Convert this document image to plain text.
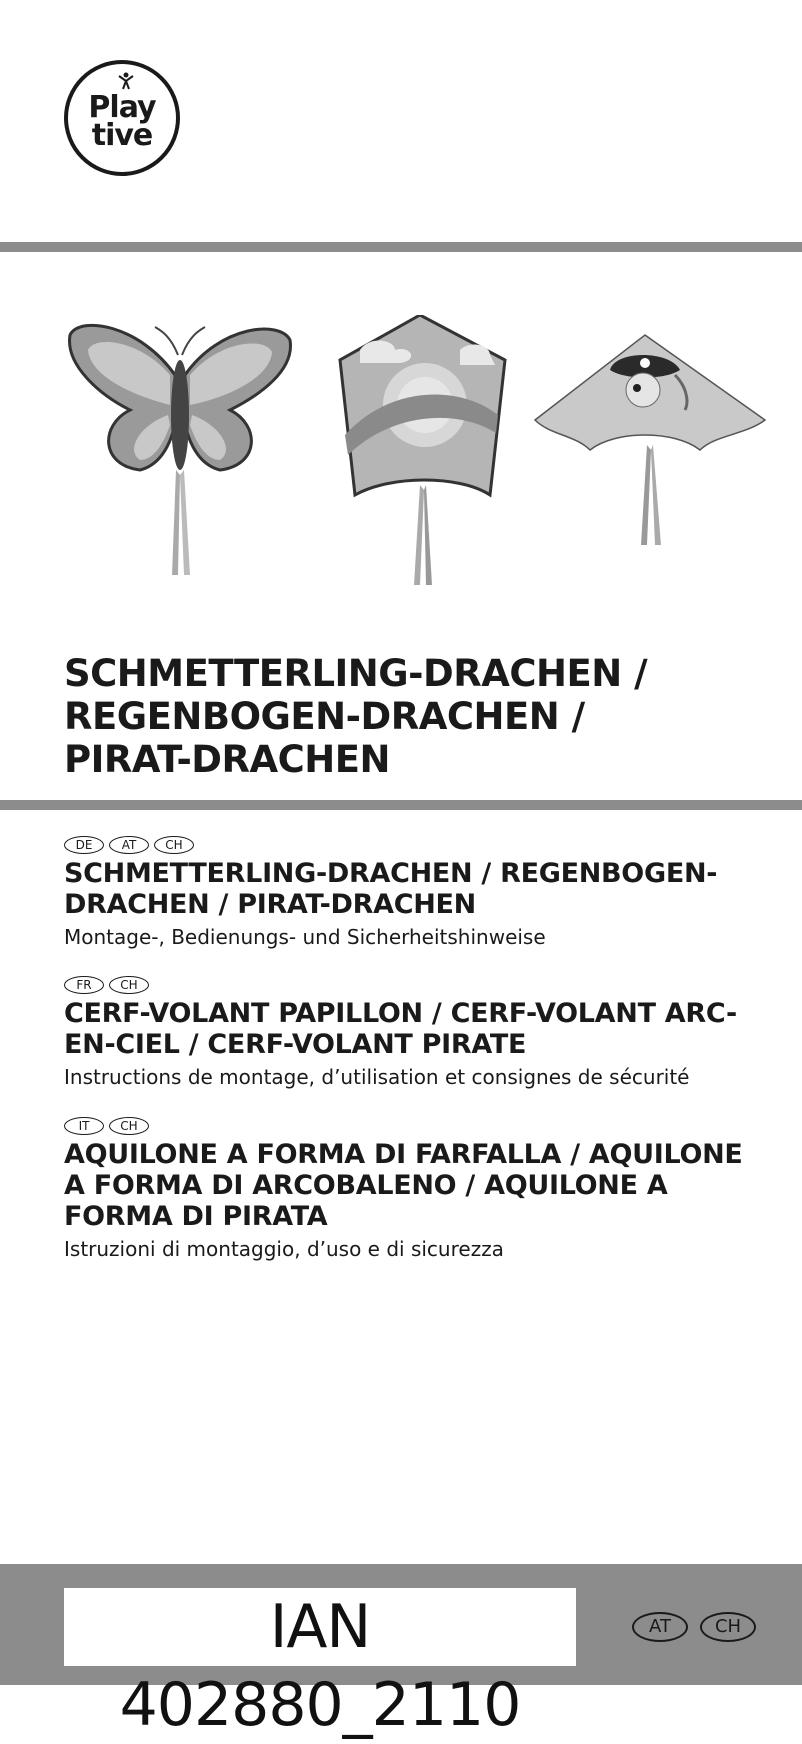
Play
tive
SCHMETTERLING-DRACHEN /
REGENBOGEN-DRACHEN /
PIRAT-DRACHEN
DE	AT	CH
SCHMETTERLING-DRACHEN / REGENBOGEN-
DRACHEN / PIRAT-DRACHEN

Montage-, Bedienungs- und Sicherheitshinweise

FR	CH
CERF-VOLANT PAPILLON / CERF-VOLANT ARC-
EN-CIEL / CERF-VOLANT PIRATE

Instructions de montage, d’utilisation et consignes de sécurité

IT	CH
AQUILONE A FORMA DI FARFALLA / AQUILONE
A FORMA DI ARCOBALENO / AQUILONE A
FORMA DI PIRATA

Istruzioni di montaggio, d’uso e di sicurezza

IAN 402880_2110
AT	CH
